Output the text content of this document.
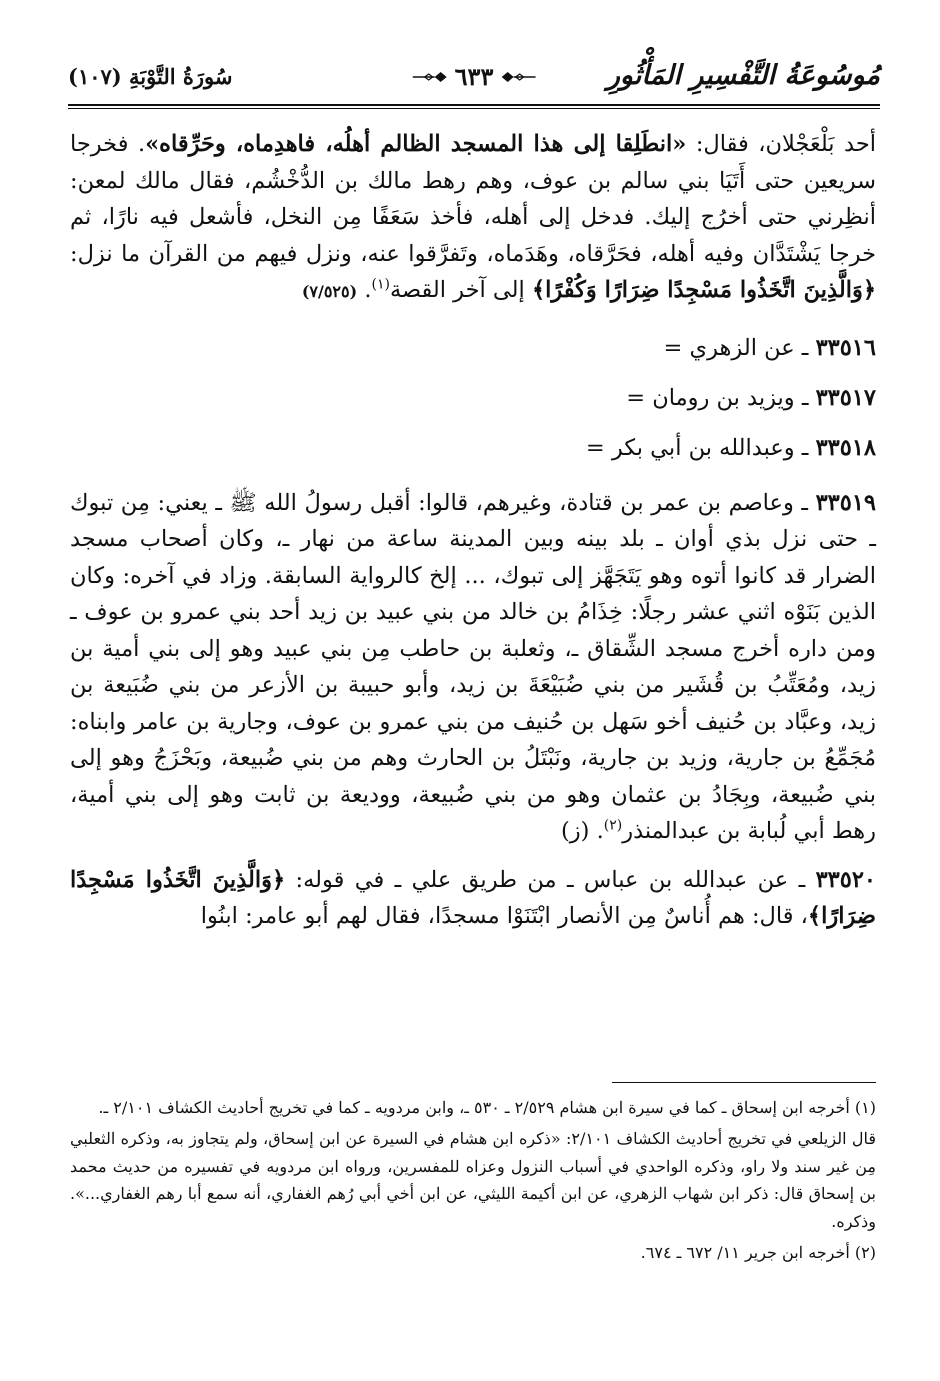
مُوسُوعَةُ التَّفْسِيرِ المَأْثُورِ
٦٣٣
سُورَةُ التَّوْبَةِ (١٠٧)

أحد بَلْعَجْلان، فقال: «انطَلِقا إلى هذا المسجد الظالم أهلُه، فاهدِماه، وحَرِّقاه». فخرجا سريعين حتى أَتَيَا بني سالم بن عوف، وهم رهط مالك بن الدُّخْشُم، فقال مالك لمعن: أنظِرني حتى أخرُج إليك. فدخل إلى أهله، فأخذ سَعَفًا مِن النخل، فأشعل فيه نارًا، ثم خرجا يَشْتَدَّان وفيه أهله، فحَرَّقاه، وهَدَماه، وتَفرَّقوا عنه، ونزل فيهم من القرآن ما نزل: ﴿وَالَّذِينَ اتَّخَذُوا مَسْجِدًا ضِرَارًا وَكُفْرًا﴾ إلى آخر القصة$^{(١)}$. (٧/٥٢٥)

٣٣٥١٦ ـ عن الزهري =

٣٣٥١٧ ـ ويزيد بن رومان =

٣٣٥١٨ ـ وعبدالله بن أبي بكر =

٣٣٥١٩ ـ وعاصم بن عمر بن قتادة، وغيرهم، قالوا: أقبل رسولُ الله ﷺ ـ يعني: مِن تبوك ـ حتى نزل بذي أوان ـ بلد بينه وبين المدينة ساعة من نهار ـ، وكان أصحاب مسجد الضرار قد كانوا أتوه وهو يَتَجَهَّز إلى تبوك، ... إلخ كالرواية السابقة. وزاد في آخره: وكان الذين بَنَوْه اثني عشر رجلًا: خِذَامُ بن خالد من بني عبيد بن زيد أحد بني عمرو بن عوف ـ ومن داره أخرج مسجد الشِّقاق ـ، وثعلبة بن حاطب مِن بني عبيد وهو إلى بني أمية بن زيد، ومُعَتِّبُ بن قُشَير من بني ضُبَيْعَةَ بن زيد، وأبو حبيبة بن الأزعر من بني ضُبَيعة بن زيد، وعبَّاد بن حُنيف أخو سَهل بن حُنيف من بني عمرو بن عوف، وجارية بن عامر وابناه: مُجَمِّعُ بن جارية، وزيد بن جارية، ونَبْتَلُ بن الحارث وهم من بني ضُبيعة، وبَحْزَجُ وهو إلى بني ضُبيعة، وبِجَادُ بن عثمان وهو من بني ضُبيعة، ووديعة بن ثابت وهو إلى بني أمية، رهط أبي لُبابة بن عبدالمنذر$^{(٢)}$. (ز)

٣٣٥٢٠ ـ عن عبدالله بن عباس ـ من طريق علي ـ في قوله: ﴿وَالَّذِينَ اتَّخَذُوا مَسْجِدًا ضِرَارًا﴾، قال: هم أُناسٌ مِن الأنصار ابْتَنَوْا مسجدًا، فقال لهم أبو عامر: ابنُوا

(١) أخرجه ابن إسحاق ـ كما في سيرة ابن هشام ٢/٥٢٩ ـ ٥٣٠ ـ، وابن مردويه ـ كما في تخريج أحاديث الكشاف ٢/١٠١ ـ.

قال الزيلعي في تخريج أحاديث الكشاف ٢/١٠١: «ذكره ابن هشام في السيرة عن ابن إسحاق، ولم يتجاوز به، وذكره الثعلبي مِن غير سند ولا راو، وذكره الواحدي في أسباب النزول وعزاه للمفسرين، ورواه ابن مردويه في تفسيره من حديث محمد بن إسحاق قال: ذكر ابن شهاب الزهري، عن ابن أكيمة الليثي، عن ابن أخي أبي رُهم الغفاري، أنه سمع أبا رهم الغفاري...». وذكره.

(٢) أخرجه ابن جرير ١١/ ٦٧٢ ـ ٦٧٤.
